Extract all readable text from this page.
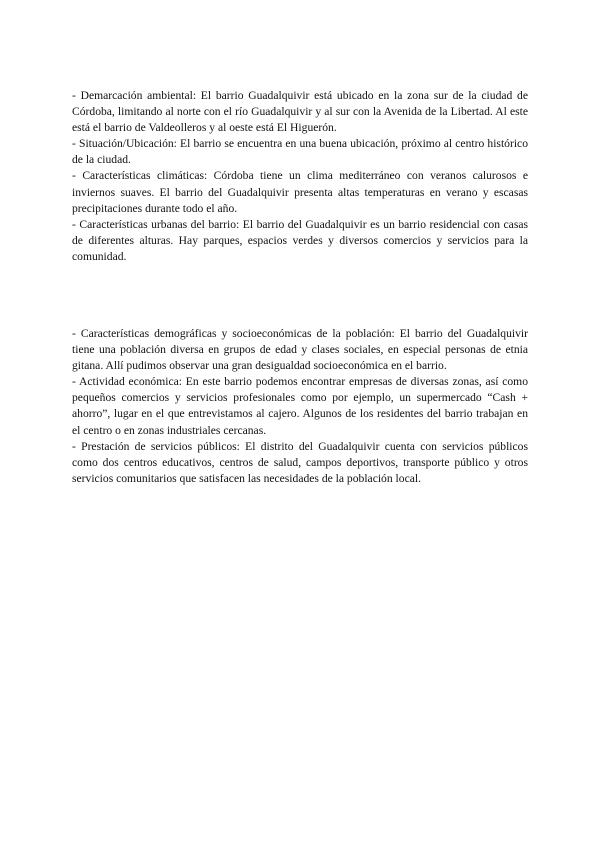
- Demarcación ambiental: El barrio Guadalquivir está ubicado en la zona sur de la ciudad de Córdoba, limitando al norte con el río Guadalquivir y al sur con la Avenida de la Libertad. Al este está el barrio de Valdeolleros y al oeste está El Higuerón.

- Situación/Ubicación: El barrio se encuentra en una buena ubicación, próximo al centro histórico de la ciudad.

- Características climáticas: Córdoba tiene un clima mediterráneo con veranos calurosos e inviernos suaves. El barrio del Guadalquivir presenta altas temperaturas en verano y escasas precipitaciones durante todo el año.

- Características urbanas del barrio: El barrio del Guadalquivir es un barrio residencial con casas de diferentes alturas. Hay parques, espacios verdes y diversos comercios y servicios para la comunidad.

- Características demográficas y socioeconómicas de la población: El barrio del Guadalquivir tiene una población diversa en grupos de edad y clases sociales, en especial personas de etnia gitana. Allí pudimos observar una gran desigualdad socioeconómica en el barrio.

- Actividad económica: En este barrio podemos encontrar empresas de diversas zonas, así como pequeños comercios y servicios profesionales como por ejemplo, un supermercado “Cash + ahorro”, lugar en el que entrevistamos al cajero. Algunos de los residentes del barrio trabajan en el centro o en zonas industriales cercanas.

- Prestación de servicios públicos: El distrito del Guadalquivir cuenta con servicios públicos como dos centros educativos, centros de salud, campos deportivos, transporte público y otros servicios comunitarios que satisfacen las necesidades de la población local.
